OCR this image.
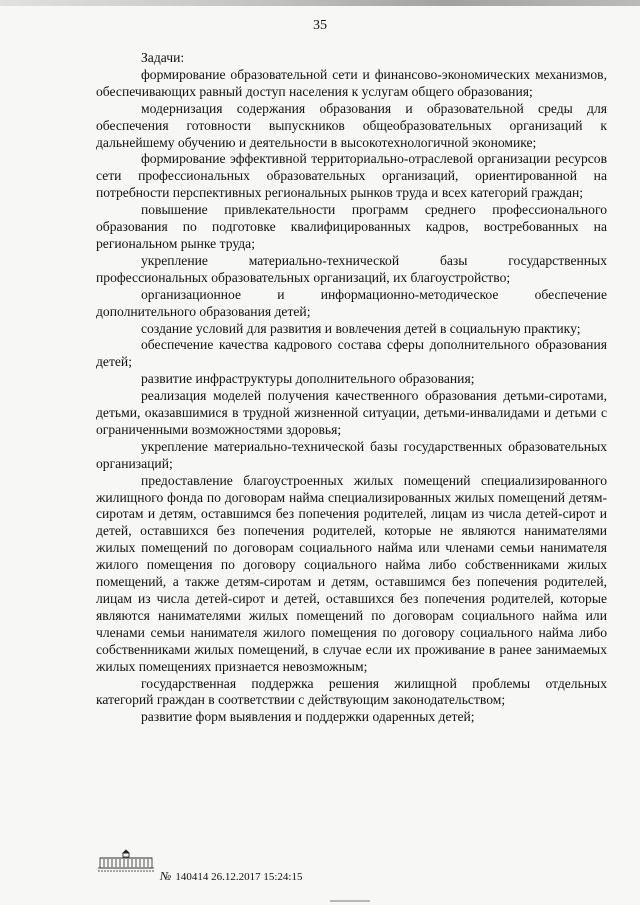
35

Задачи:

формирование образовательной сети и финансово-экономических механизмов, обеспечивающих равный доступ населения к услугам общего образования;

модернизация содержания образования и образовательной среды для обеспечения готовности выпускников общеобразовательных организаций к дальнейшему обучению и деятельности в высокотехнологичной экономике;

формирование эффективной территориально-отраслевой организации ресурсов сети профессиональных образовательных организаций, ориентированной на потребности перспективных региональных рынков труда и всех категорий граждан;

повышение привлекательности программ среднего профессионального образования по подготовке квалифицированных кадров, востребованных на региональном рынке труда;

укрепление материально-технической базы государственных профессиональных образовательных организаций, их благоустройство;

организационное и информационно-методическое обеспечение дополнительного образования детей;

создание условий для развития и вовлечения детей в социальную практику;

обеспечение качества кадрового состава сферы дополнительного образования детей;

развитие инфраструктуры дополнительного образования;

реализация моделей получения качественного образования детьми-сиротами, детьми, оказавшимися в трудной жизненной ситуации, детьми-инвалидами и детьми с ограниченными возможностями здоровья;

укрепление материально-технической базы государственных образовательных организаций;

предоставление благоустроенных жилых помещений специализированного жилищного фонда по договорам найма специализированных жилых помещений детям-сиротам и детям, оставшимся без попечения родителей, лицам из числа детей-сирот и детей, оставшихся без попечения родителей, которые не являются нанимателями жилых помещений по договорам социального найма или членами семьи нанимателя жилого помещения по договору социального найма либо собственниками жилых помещений, а также детям-сиротам и детям, оставшимся без попечения родителей, лицам из числа детей-сирот и детей, оставшихся без попечения родителей, которые являются нанимателями жилых помещений по договорам социального найма или членами семьи нанимателя жилого помещения по договору социального найма либо собственниками жилых помещений, в случае если их проживание в ранее занимаемых жилых помещениях признается невозможным;

государственная поддержка решения жилищной проблемы отдельных категорий граждан в соответствии с действующим законодательством;

развитие форм выявления и поддержки одаренных детей;

№ 140414 26.12.2017 15:24:15
